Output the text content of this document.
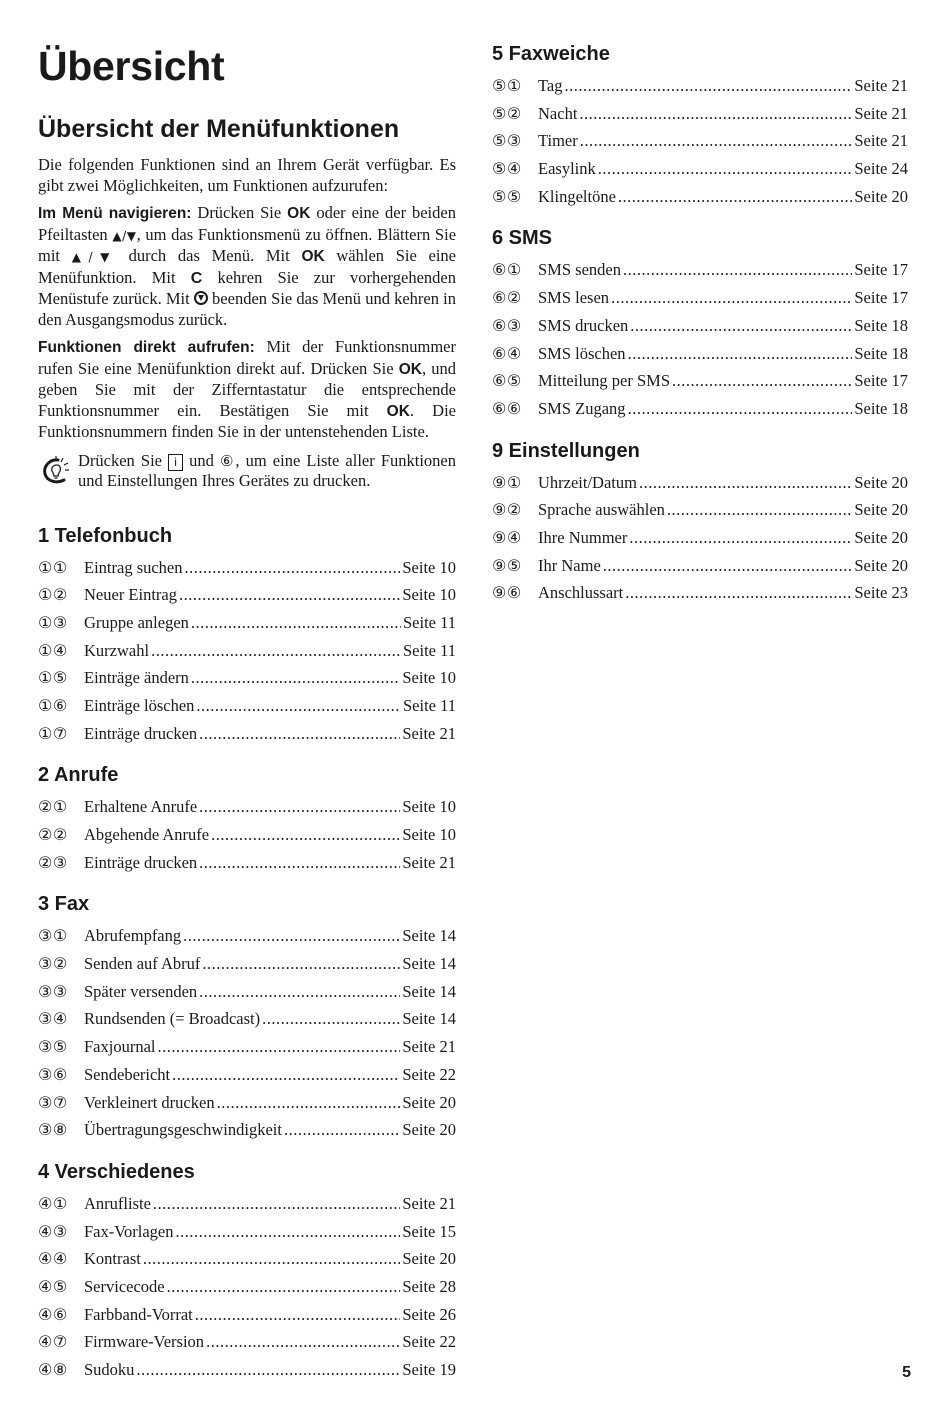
Übersicht
Übersicht der Menüfunktionen

Die folgenden Funktionen sind an Ihrem Gerät verfügbar. Es gibt zwei Möglichkeiten, um Funktionen aufzurufen:

Im Menü navigieren: Drücken Sie OK oder eine der beiden Pfeiltasten ▲/▼, um das Funktionsmenü zu öffnen. Blättern Sie mit ▲/▼ durch das Menü. Mit OK wählen Sie eine Menüfunktion. Mit C kehren Sie zur vorhergehenden Menüstufe zurück. Mit  beenden Sie das Menü und kehren in den Ausgangsmodus zurück.

Funktionen direkt aufrufen: Mit der Funktionsnummer rufen Sie eine Menüfunktion direkt auf. Drücken Sie OK, und geben Sie mit der Zifferntastatur die entsprechende Funktionsnummer ein. Bestätigen Sie mit OK. Die Funktionsnummern finden Sie in der untenstehenden Liste.

Drücken Sie i und ⑥, um eine Liste aller Funktionen und Einstellungen Ihres Gerätes zu drucken.

1 Telefonbuch
①① Eintrag suchen .....	Seite 10
①② Neuer Eintrag .....	Seite 10
①③ Gruppe anlegen .....	Seite 11
①④ Kurzwahl .....	Seite 11
①⑤ Einträge ändern .....	Seite 10
①⑥ Einträge löschen .....	Seite 11
①⑦ Einträge drucken .....	Seite 21
2 Anrufe
②① Erhaltene Anrufe .....	Seite 10
②② Abgehende Anrufe .....	Seite 10
②③ Einträge drucken .....	Seite 21
3 Fax
③① Abrufempfang .....	Seite 14
③② Senden auf Abruf .....	Seite 14
③③ Später versenden .....	Seite 14
③④ Rundsenden (= Broadcast) .....	Seite 14
③⑤ Faxjournal .....	Seite 21
③⑥ Sendebericht .....	Seite 22
③⑦ Verkleinert drucken .....	Seite 20
③⑧ Übertragungsgeschwindigkeit .....	Seite 20
4 Verschiedenes
④① Anrufliste .....	Seite 21
④③ Fax-Vorlagen .....	Seite 15
④④ Kontrast .....	Seite 20
④⑤ Servicecode .....	Seite 28
④⑥ Farbband-Vorrat .....	Seite 26
④⑦ Firmware-Version .....	Seite 22
④⑧ Sudoku .....	Seite 19
5 Faxweiche
⑤① Tag .....	Seite 21
⑤② Nacht .....	Seite 21
⑤③ Timer .....	Seite 21
⑤④ Easylink .....	Seite 24
⑤⑤ Klingeltöne .....	Seite 20
6 SMS
⑥① SMS senden .....	Seite 17
⑥② SMS lesen .....	Seite 17
⑥③ SMS drucken .....	Seite 18
⑥④ SMS löschen .....	Seite 18
⑥⑤ Mitteilung per SMS .....	Seite 17
⑥⑥ SMS Zugang .....	Seite 18
9 Einstellungen
⑨① Uhrzeit/Datum .....	Seite 20
⑨② Sprache auswählen .....	Seite 20
⑨④ Ihre Nummer .....	Seite 20
⑨⑤ Ihr Name .....	Seite 20
⑨⑥ Anschlussart .....	Seite 23
5
